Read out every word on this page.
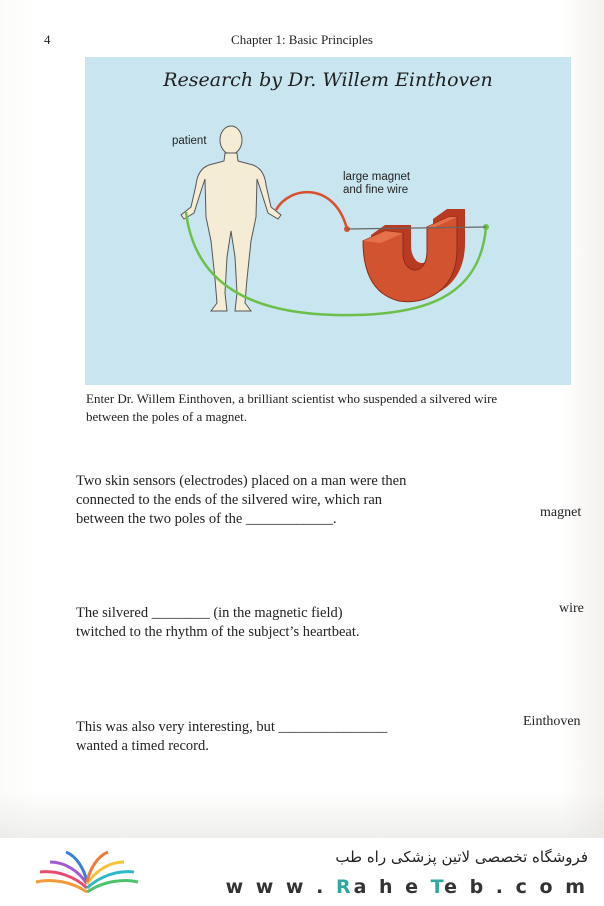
4	Chapter 1: Basic Principles
Research by Dr. Willem Einthoven
patient
large magnet
and fine wire
Enter Dr. Willem Einthoven, a brilliant scientist who suspended a silvered wire
between the poles of a magnet.
Two skin sensors (electrodes) placed on a man were then
connected to the ends of the silvered wire, which ran
between the two poles of the ____________.	magnet
The silvered ________ (in the magnetic field)
twitched to the rhythm of the subject’s heartbeat.
wire
This was also very interesting, but _______________
wanted a timed record.
Einthoven
فروشگاه تخصصی لاتین پزشکی راه طب
w w w . Ra h e Te b . c o m
